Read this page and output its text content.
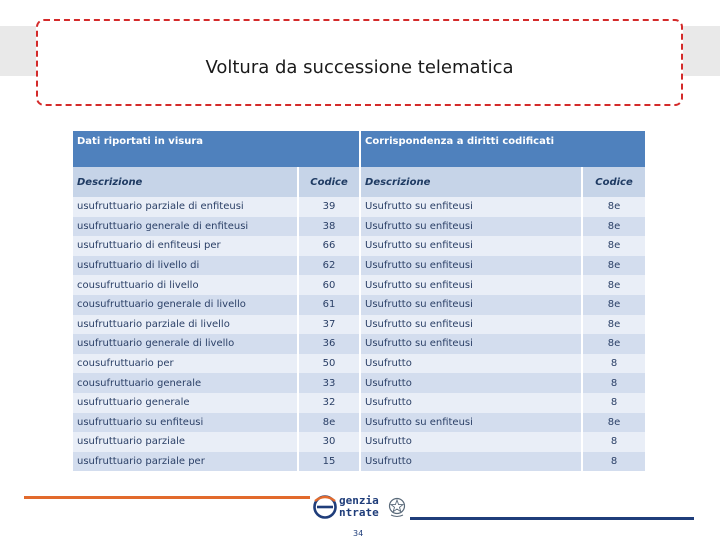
Voltura da successione telematica
Dati riportati in visura		Corrispondenza a diritti codificati	
Descrizione	Codice	Descrizione	Codice
usufruttuario parziale di enfiteusi	39	Usufrutto su enfiteusi	8e
usufruttuario generale di enfiteusi	38	Usufrutto su enfiteusi	8e
usufruttuario di enfiteusi per	66	Usufrutto su enfiteusi	8e
usufruttuario di livello di	62	Usufrutto su enfiteusi	8e
cousufruttuario di livello	60	Usufrutto su enfiteusi	8e
cousufruttuario generale di livello	61	Usufrutto su enfiteusi	8e
usufruttuario parziale di livello	37	Usufrutto su enfiteusi	8e
usufruttuario generale di livello	36	Usufrutto su enfiteusi	8e
cousufruttuario per	50	Usufrutto	8
cousufruttuario generale	33	Usufrutto	8
usufruttuario generale	32	Usufrutto	8
usufruttuario su enfiteusi	8e	Usufrutto su enfiteusi	8e
usufruttuario parziale	30	Usufrutto	8
usufruttuario parziale per	15	Usufrutto	8
genzia
ntrate
34
